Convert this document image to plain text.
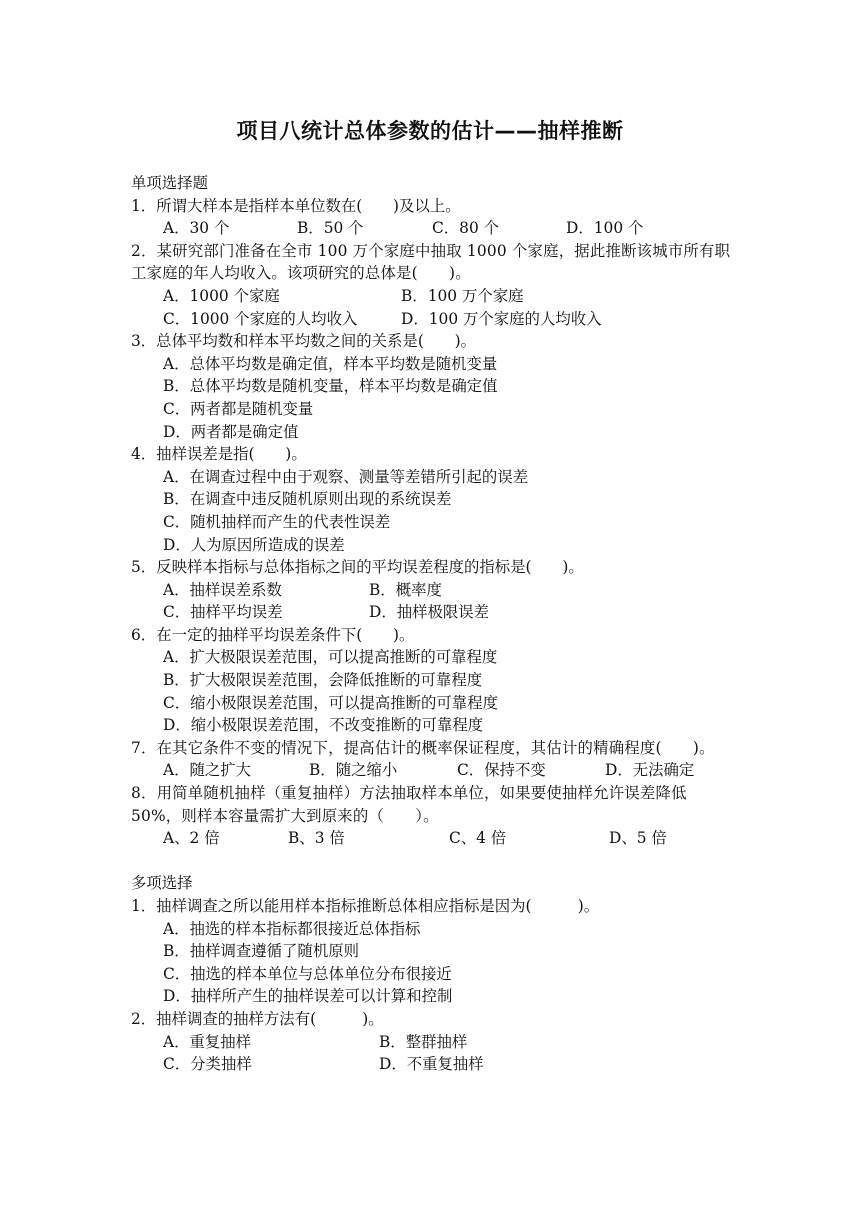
项目八统计总体参数的估计——抽样推断
单项选择题
1．所谓大样本是指样本单位数在(　　)及以上。
A．30 个	B．50 个	C．80 个	D．100 个
2．某研究部门准备在全市 100 万个家庭中抽取 1000 个家庭，据此推断该城市所有职工家庭的年人均收入。该项研究的总体是(　　)。
A．1000 个家庭	B．100 万个家庭
C．1000 个家庭的人均收入	D．100 万个家庭的人均收入
3．总体平均数和样本平均数之间的关系是(　　)。
A．总体平均数是确定值，样本平均数是随机变量
B．总体平均数是随机变量，样本平均数是确定值
C．两者都是随机变量
D．两者都是确定值
4．抽样误差是指(　　)。
A．在调查过程中由于观察、测量等差错所引起的误差
B．在调查中违反随机原则出现的系统误差
C．随机抽样而产生的代表性误差
D．人为原因所造成的误差
5．反映样本指标与总体指标之间的平均误差程度的指标是(　　)。
A．抽样误差系数	B．概率度
C．抽样平均误差	D．抽样极限误差
6．在一定的抽样平均误差条件下(　　)。
A．扩大极限误差范围，可以提高推断的可靠程度
B．扩大极限误差范围，会降低推断的可靠程度
C．缩小极限误差范围，可以提高推断的可靠程度
D．缩小极限误差范围，不改变推断的可靠程度
7．在其它条件不变的情况下，提高估计的概率保证程度，其估计的精确程度(　　)。
A．随之扩大	B．随之缩小	C．保持不变	D．无法确定
8．用简单随机抽样（重复抽样）方法抽取样本单位，如果要使抽样允许误差降低 50%，则样本容量需扩大到原来的（　　）。
A、2 倍	B、3 倍	C、4 倍	D、5 倍
多项选择
1．抽样调查之所以能用样本指标推断总体相应指标是因为(　　　)。
A．抽选的样本指标都很接近总体指标
B．抽样调查遵循了随机原则
C．抽选的样本单位与总体单位分布很接近
D．抽样所产生的抽样误差可以计算和控制
2．抽样调查的抽样方法有(　　　)。
A．重复抽样	B．整群抽样
C．分类抽样	D．不重复抽样
